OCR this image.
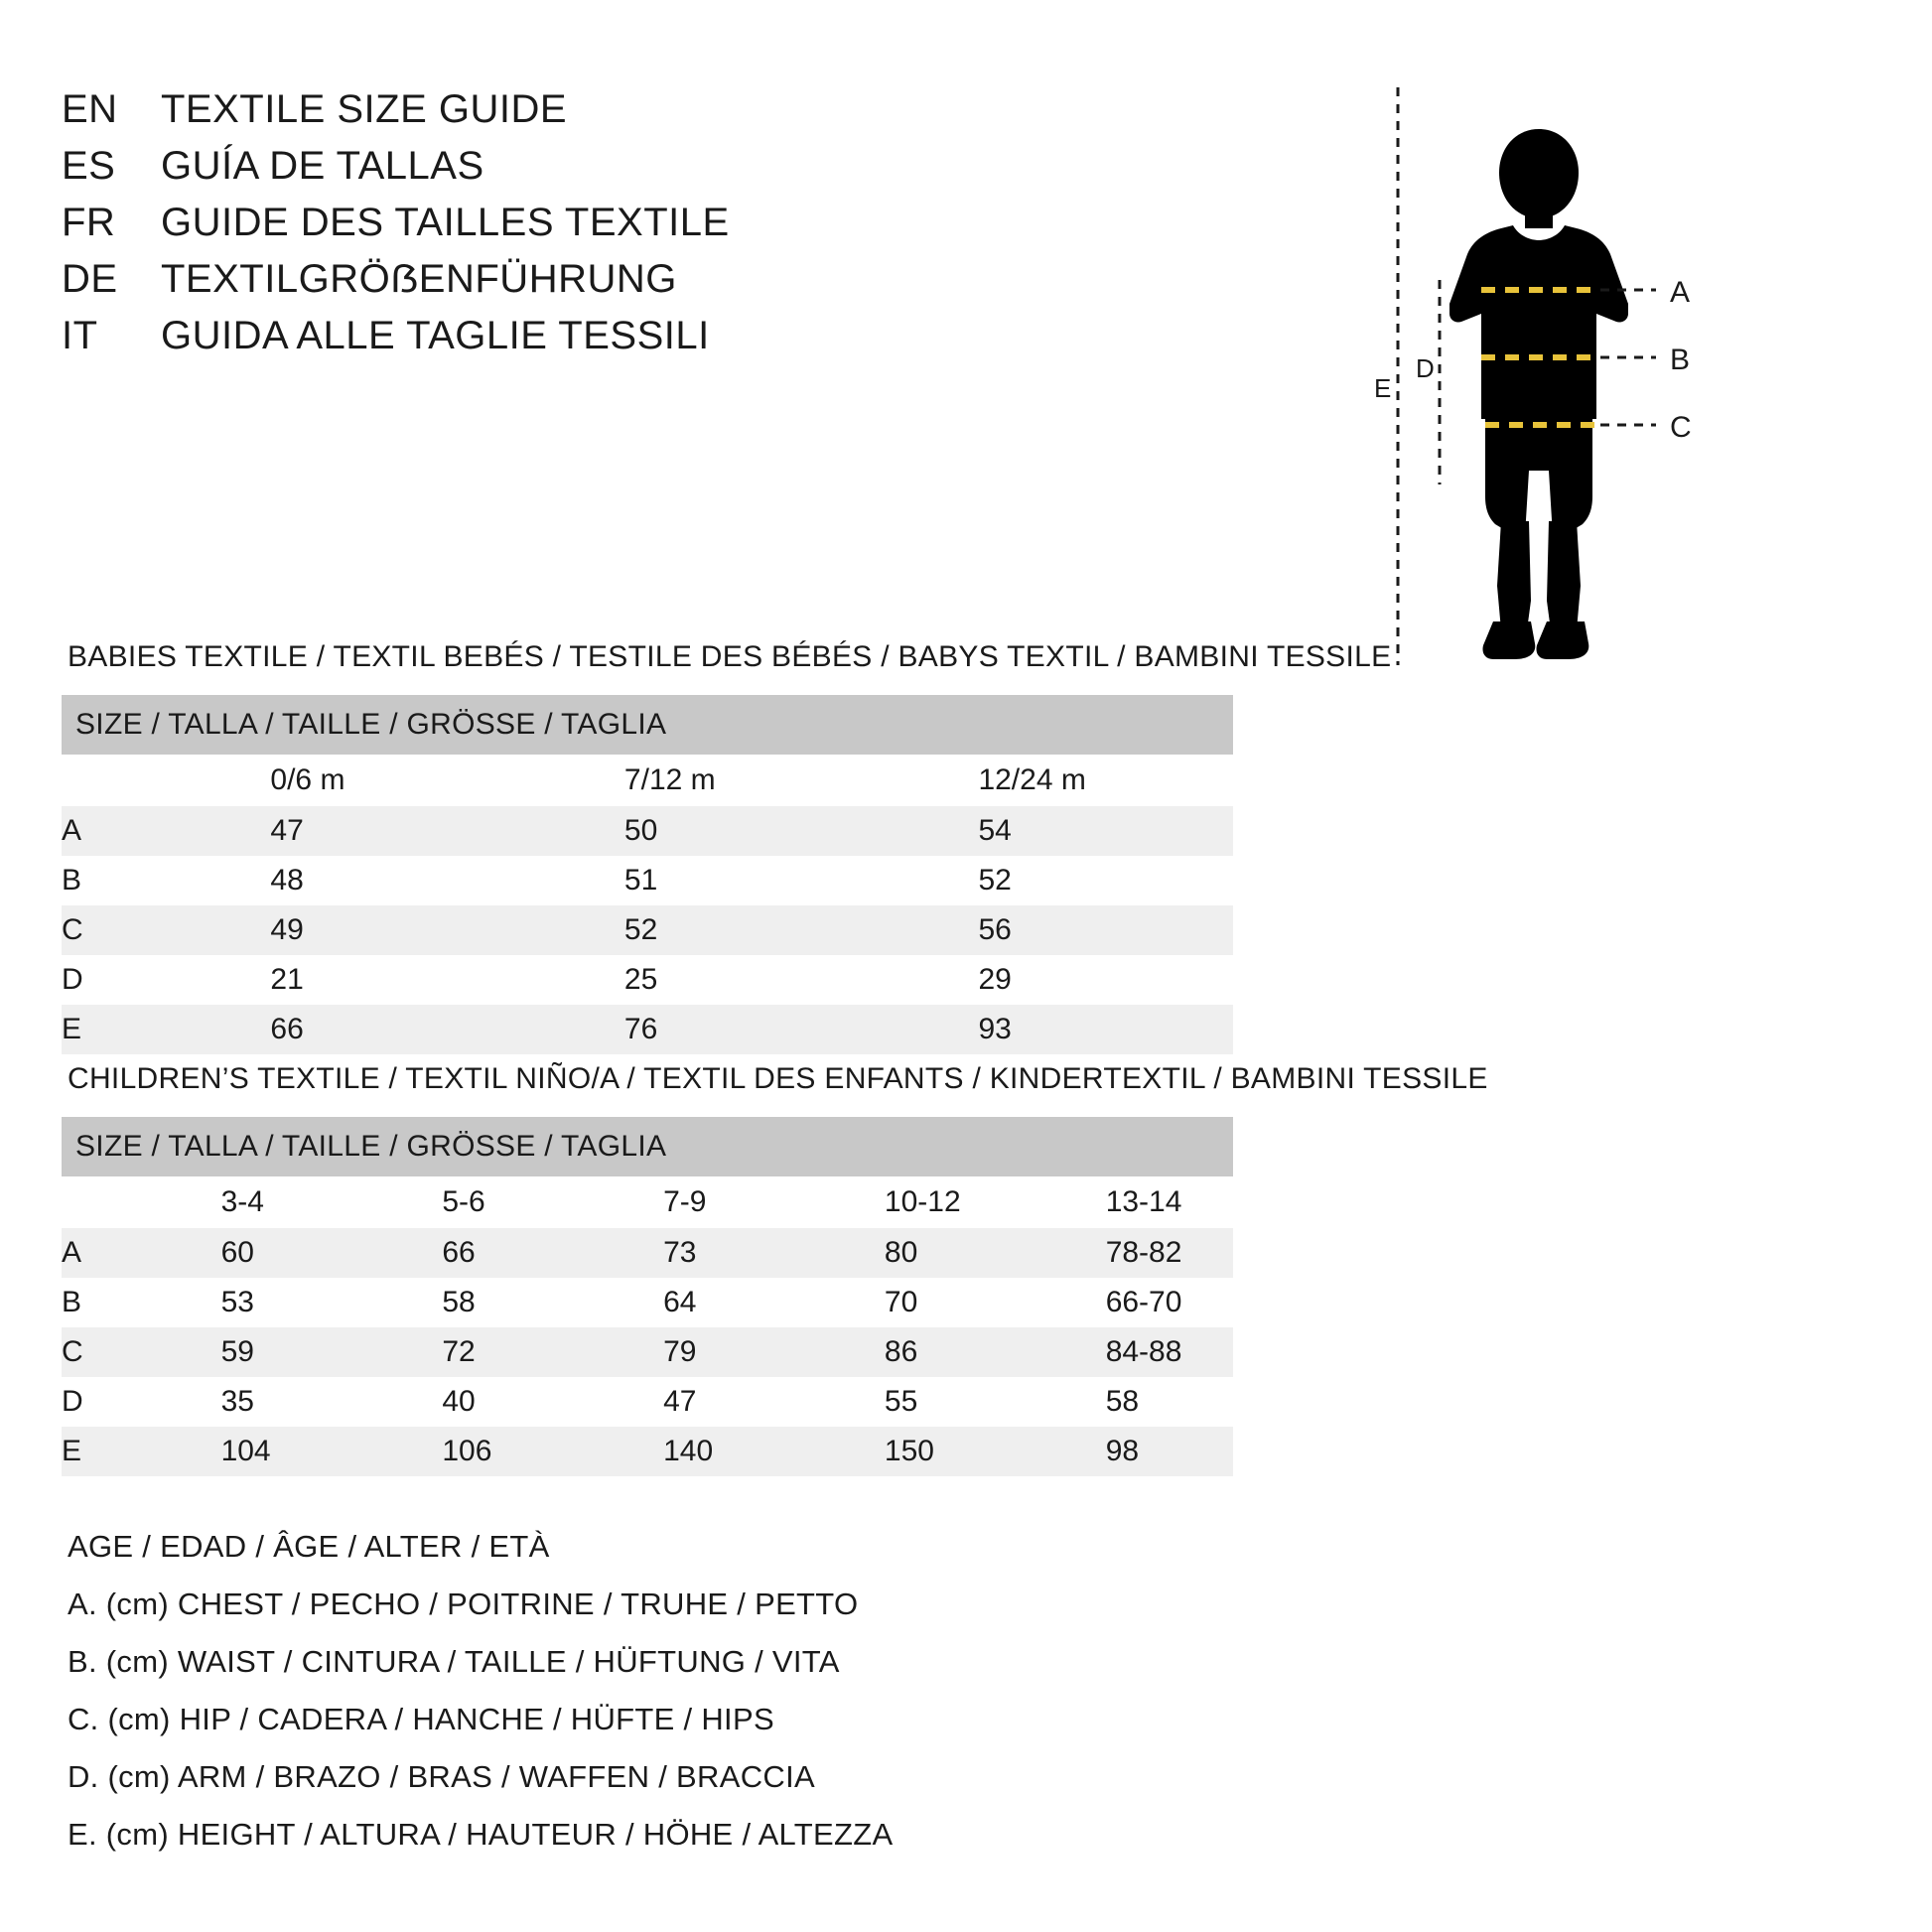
EN	TEXTILE SIZE GUIDE
ES	GUÍA DE TALLAS
FR	GUIDE DES TAILLES TEXTILE
DE	TEXTILGRÖẞENFÜHRUNG
IT	GUIDA ALLE TAGLIE TESSILI
A
B
C
D
E
BABIES TEXTILE / TEXTIL BEBÉS / TESTILE DES BÉBÉS / BABYS TEXTIL / BAMBINI TESSILE
SIZE / TALLA / TAILLE / GRÖSSE / TAGLIA			
	0/6 m	7/12 m	12/24 m
A	47	50	54
B	48	51	52
C	49	52	56
D	21	25	29
E	66	76	93
CHILDREN’S TEXTILE / TEXTIL NIÑO/A / TEXTIL DES ENFANTS / KINDERTEXTIL / BAMBINI TESSILE
SIZE / TALLA / TAILLE / GRÖSSE / TAGLIA					
	3-4	5-6	7-9	10-12	13-14
A	60	66	73	80	78-82
B	53	58	64	70	66-70
C	59	72	79	86	84-88
D	35	40	47	55	58
E	104	106	140	150	98
AGE / EDAD / ÂGE / ALTER / ETÀ
A. (cm) CHEST / PECHO / POITRINE / TRUHE / PETTO
B. (cm) WAIST / CINTURA / TAILLE / HÜFTUNG / VITA
C. (cm) HIP / CADERA / HANCHE / HÜFTE / HIPS
D. (cm) ARM / BRAZO / BRAS / WAFFEN / BRACCIA
E. (cm) HEIGHT / ALTURA / HAUTEUR / HÖHE / ALTEZZA
